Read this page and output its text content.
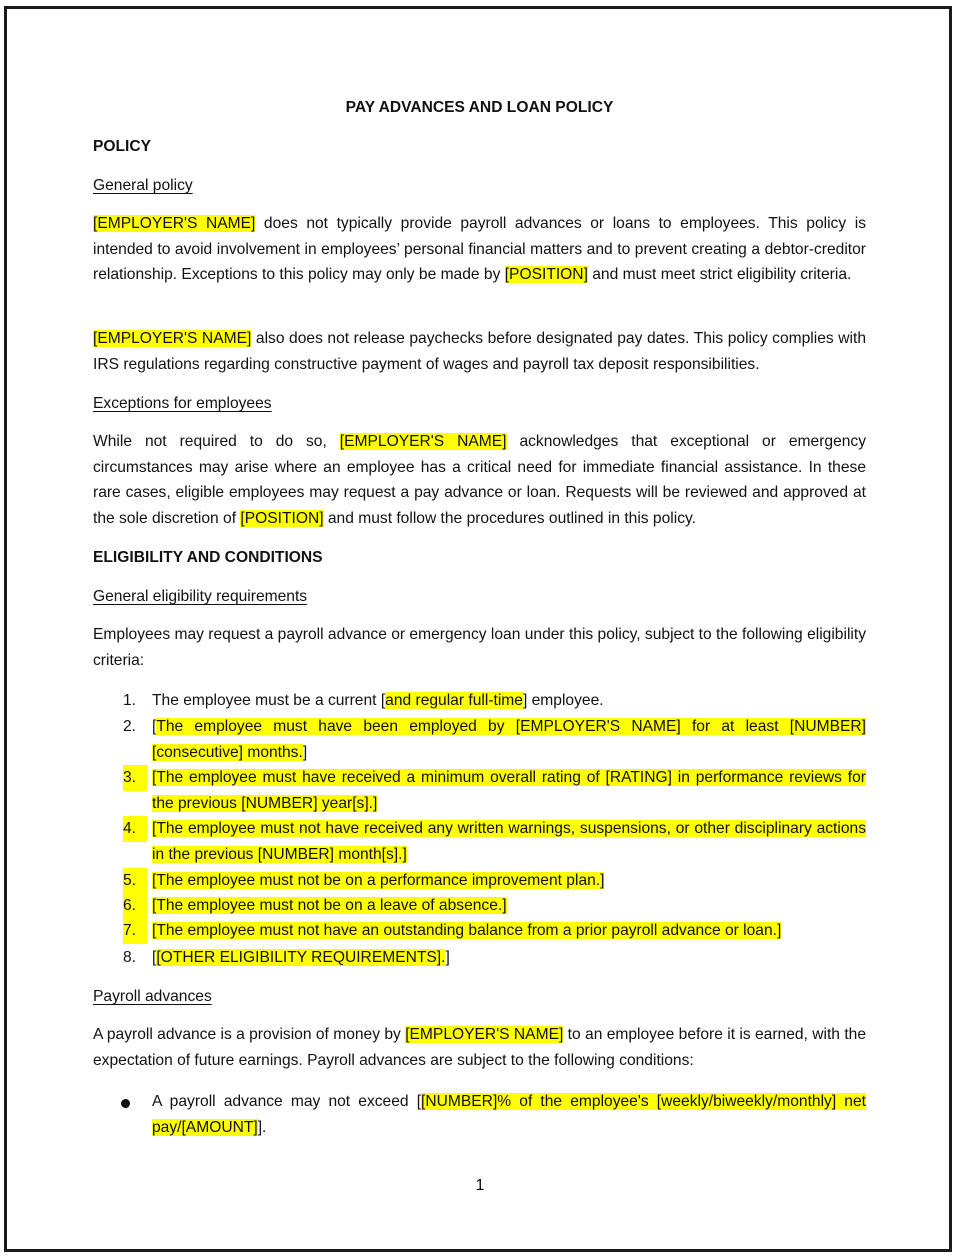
PAY ADVANCES AND LOAN POLICY
POLICY
General policy
[EMPLOYER'S NAME] does not typically provide payroll advances or loans to employees. This policy is intended to avoid involvement in employees’ personal financial matters and to prevent creating a debtor-creditor relationship. Exceptions to this policy may only be made by [POSITION] and must meet strict eligibility criteria.
[EMPLOYER'S NAME] also does not release paychecks before designated pay dates. This policy complies with IRS regulations regarding constructive payment of wages and payroll tax deposit responsibilities.
Exceptions for employees
While not required to do so, [EMPLOYER'S NAME] acknowledges that exceptional or emergency circumstances may arise where an employee has a critical need for immediate financial assistance. In these rare cases, eligible employees may request a pay advance or loan. Requests will be reviewed and approved at the sole discretion of [POSITION] and must follow the procedures outlined in this policy.
ELIGIBILITY AND CONDITIONS
General eligibility requirements
Employees may request a payroll advance or emergency loan under this policy, subject to the following eligibility criteria:
1.	The employee must be a current [and regular full-time] employee.
2.	[The employee must have been employed by [EMPLOYER'S NAME] for at least [NUMBER] [consecutive] months.]
3.	[The employee must have received a minimum overall rating of [RATING] in performance reviews for the previous [NUMBER] year[s].]
4.	[The employee must not have received any written warnings, suspensions, or other disciplinary actions in the previous [NUMBER] month[s].]
5.	[The employee must not be on a performance improvement plan.]
6.	[The employee must not be on a leave of absence.]
7.	[The employee must not have an outstanding balance from a prior payroll advance or loan.]
8.	[[OTHER ELIGIBILITY REQUIREMENTS].]
Payroll advances
A payroll advance is a provision of money by [EMPLOYER'S NAME] to an employee before it is earned, with the expectation of future earnings. Payroll advances are subject to the following conditions:
A payroll advance may not exceed [[NUMBER]% of the employee's [weekly/biweekly/monthly] net pay/[AMOUNT]].
1
